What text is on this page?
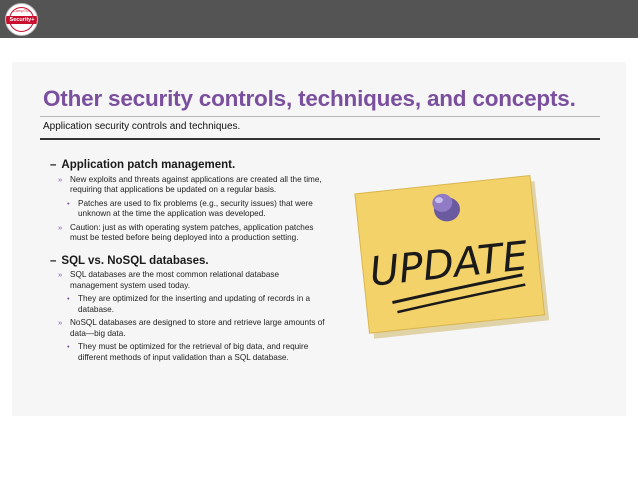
CompTIA
Security+
Other security controls, techniques, and concepts.
Application security controls and techniques.
– Application patch management.
» New exploits and threats against applications are created all the time, requiring that applications be updated on a regular basis.
• Patches are used to fix problems (e.g., security issues) that were unknown at the time the application was developed.
» Caution: just as with operating system patches, application patches must be tested before being deployed into a production setting.
– SQL vs. NoSQL databases.
» SQL databases are the most common relational database management system used today.
• They are optimized for the inserting and updating of records in a database.
» NoSQL databases are designed to store and retrieve large amounts of data—big data.
• They must be optimized for the retrieval of big data, and require different methods of input validation than a SQL database.
UPDATE
